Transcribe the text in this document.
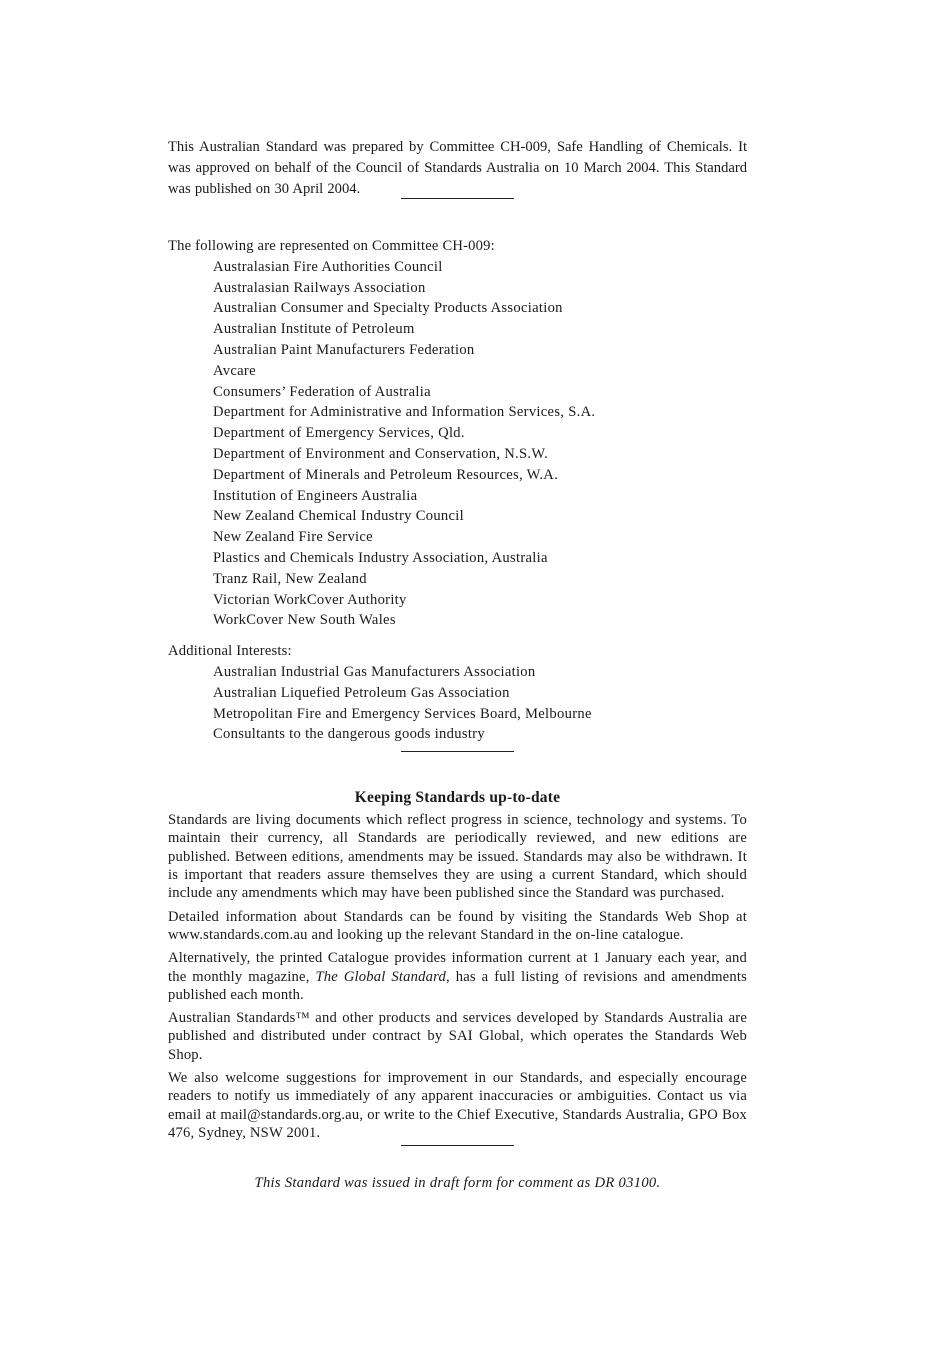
This Australian Standard was prepared by Committee CH-009, Safe Handling of Chemicals. It was approved on behalf of the Council of Standards Australia on 10 March 2004. This Standard was published on 30 April 2004.

The following are represented on Committee CH-009:

Australasian Fire Authorities Council
Australasian Railways Association
Australian Consumer and Specialty Products Association
Australian Institute of Petroleum
Australian Paint Manufacturers Federation
Avcare
Consumers’ Federation of Australia
Department for Administrative and Information Services, S.A.
Department of Emergency Services, Qld.
Department of Environment and Conservation, N.S.W.
Department of Minerals and Petroleum Resources, W.A.
Institution of Engineers Australia
New Zealand Chemical Industry Council
New Zealand Fire Service
Plastics and Chemicals Industry Association, Australia
Tranz Rail, New Zealand
Victorian WorkCover Authority
WorkCover New South Wales

Additional Interests:

Australian Industrial Gas Manufacturers Association
Australian Liquefied Petroleum Gas Association
Metropolitan Fire and Emergency Services Board, Melbourne
Consultants to the dangerous goods industry
Keeping Standards up-to-date

Standards are living documents which reflect progress in science, technology and systems. To maintain their currency, all Standards are periodically reviewed, and new editions are published. Between editions, amendments may be issued. Standards may also be withdrawn. It is important that readers assure themselves they are using a current Standard, which should include any amendments which may have been published since the Standard was purchased.

Detailed information about Standards can be found by visiting the Standards Web Shop at www.standards.com.au and looking up the relevant Standard in the on-line catalogue.

Alternatively, the printed Catalogue provides information current at 1 January each year, and the monthly magazine, The Global Standard, has a full listing of revisions and amendments published each month.

Australian Standards™ and other products and services developed by Standards Australia are published and distributed under contract by SAI Global, which operates the Standards Web Shop.

We also welcome suggestions for improvement in our Standards, and especially encourage readers to notify us immediately of any apparent inaccuracies or ambiguities. Contact us via email at mail@standards.org.au, or write to the Chief Executive, Standards Australia, GPO Box 476, Sydney, NSW 2001.

This Standard was issued in draft form for comment as DR 03100.
